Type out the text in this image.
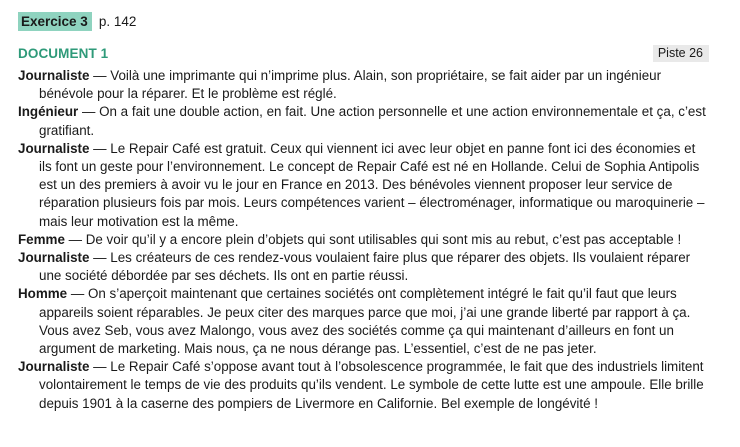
Exercice 3 p. 142
DOCUMENT 1	Piste 26

Journaliste — Voilà une imprimante qui n’imprime plus. Alain, son propriétaire, se fait aider par un ingénieur bénévole pour la réparer. Et le problème est réglé.

Ingénieur — On a fait une double action, en fait. Une action personnelle et une action environnementale et ça, c’est gratifiant.

Journaliste — Le Repair Café est gratuit. Ceux qui viennent ici avec leur objet en panne font ici des économies et ils font un geste pour l’environnement. Le concept de Repair Café est né en Hollande. Celui de Sophia Antipolis est un des premiers à avoir vu le jour en France en 2013. Des bénévoles viennent proposer leur service de réparation plusieurs fois par mois. Leurs compétences varient – électroménager, informatique ou maroquinerie – mais leur motivation est la même.

Femme — De voir qu’il y a encore plein d’objets qui sont utilisables qui sont mis au rebut, c’est pas acceptable !

Journaliste — Les créateurs de ces rendez-vous voulaient faire plus que réparer des objets. Ils voulaient réparer une société débordée par ses déchets. Ils ont en partie réussi.

Homme — On s’aperçoit maintenant que certaines sociétés ont complètement intégré le fait qu’il faut que leurs appareils soient réparables. Je peux citer des marques parce que moi, j’ai une grande liberté par rapport à ça. Vous avez Seb, vous avez Malongo, vous avez des sociétés comme ça qui maintenant d’ailleurs en font un argument de marketing. Mais nous, ça ne nous dérange pas. L’essentiel, c’est de ne pas jeter.

Journaliste — Le Repair Café s’oppose avant tout à l’obsolescence programmée, le fait que des industriels limitent volontairement le temps de vie des produits qu’ils vendent. Le symbole de cette lutte est une ampoule. Elle brille depuis 1901 à la caserne des pompiers de Livermore en Californie. Bel exemple de longévité !
